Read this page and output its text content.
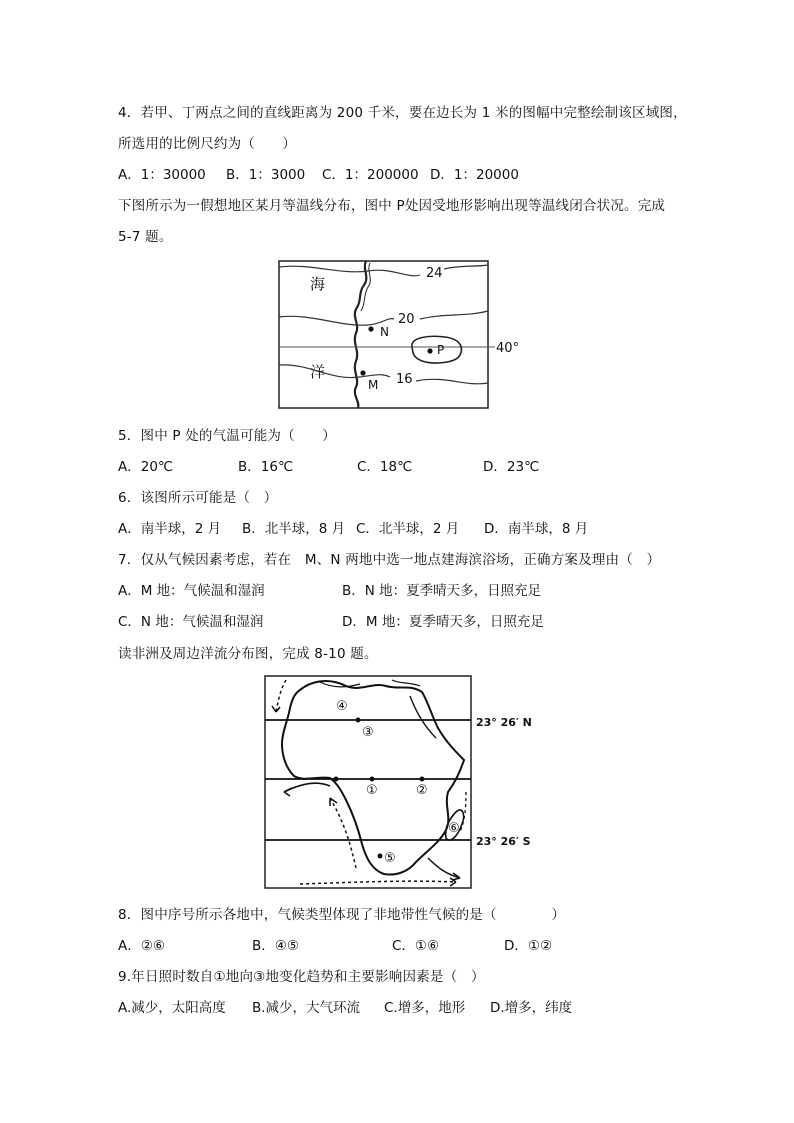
4．若甲、丁两点之间的直线距离为 200 千米，要在边长为 1 米的图幅中完整绘制该区域图，
所选用的比例尺约为（　　）
A．1：30000 B．1：3000 C．1：200000 D．1：20000
下图所示为一假想地区某月等温线分布，图中 P处因受地形影响出现等温线闭合状况。完成
5-7 题。
海
洋
24
20
16
N
M
P	40°
5．图中 P 处的气温可能为（　　）
A．20℃	B．16℃	C．18℃	D．23℃
6．该图所示可能是（　）
A．南半球，2 月 B．北半球，8 月 C．北半球，2 月 D．南半球，8 月
7．仅从气候因素考虑，若在　M、N 两地中选一地点建海滨浴场，正确方案及理由（　）
A．M 地：气候温和湿润	B．N 地：夏季晴天多，日照充足
C．N 地：气候温和湿润	D．M 地：夏季晴天多，日照充足
读非洲及周边洋流分布图，完成 8-10 题。
④
③
①	②
⑥
⑤
23° 26′ N
23° 26′ S
8．图中序号所示各地中，气候类型体现了非地带性气候的是（　　　　）
A．②⑥	B．④⑤	C．①⑥	D．①②
9.年日照时数自①地向③地变化趋势和主要影响因素是（　）
A.减少，太阳高度 B.减少，大气环流 C.增多，地形 D.增多，纬度
